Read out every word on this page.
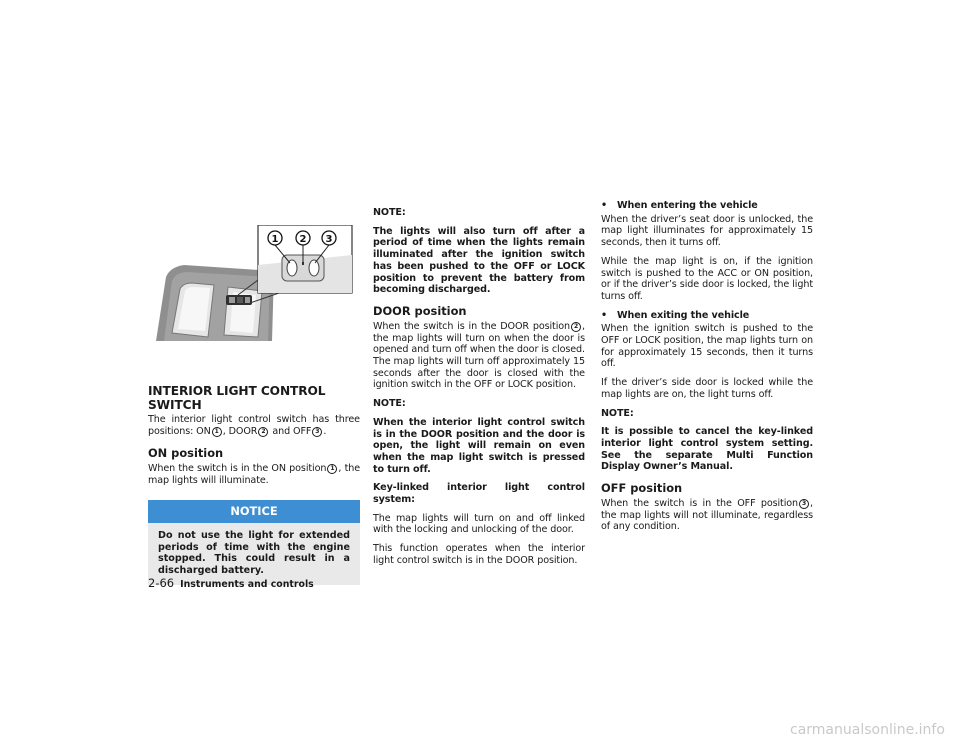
1 2 3
INTERIOR LIGHT CONTROL SWITCH

The interior light control switch has three positions: ON 1 , DOOR 2 and OFF 3 .

ON position

When the switch is in the ON position 1 , the map lights will illuminate.

NOTICE

Do not use the light for extended periods of time with the engine stopped. This could result in a discharged battery.

NOTE:

The lights will also turn off after a period of time when the lights remain illuminated after the ignition switch has been pushed to the OFF or LOCK position to prevent the battery from becoming discharged.

DOOR position

When the switch is in the DOOR position 2 , the map lights will turn on when the door is opened and turn off when the door is closed. The map lights will turn off approximately 15 seconds after the door is closed with the ignition switch in the OFF or LOCK position.

NOTE:

When the interior light control switch is in the DOOR position and the door is open, the light will remain on even when the map light switch is pressed to turn off.

Key-linked interior light control system:

The map lights will turn on and off linked with the locking and unlocking of the door.

This function operates when the interior light control switch is in the DOOR position.

• When entering the vehicle

When the driver’s seat door is unlocked, the map light illuminates for approximately 15 seconds, then it turns off.

While the map light is on, if the ignition switch is pushed to the ACC or ON position, or if the driver’s side door is locked, the light turns off.

• When exiting the vehicle

When the ignition switch is pushed to the OFF or LOCK position, the map lights turn on for approximately 15 seconds, then it turns off.

If the driver’s side door is locked while the map lights are on, the light turns off.

NOTE:

It is possible to cancel the key-linked interior light control system setting. See the separate Multi Function Display Owner’s Manual.

OFF position

When the switch is in the OFF position 3 , the map lights will not illuminate, regardless of any condition.

2-66 Instruments and controls
carmanualsonline.info
